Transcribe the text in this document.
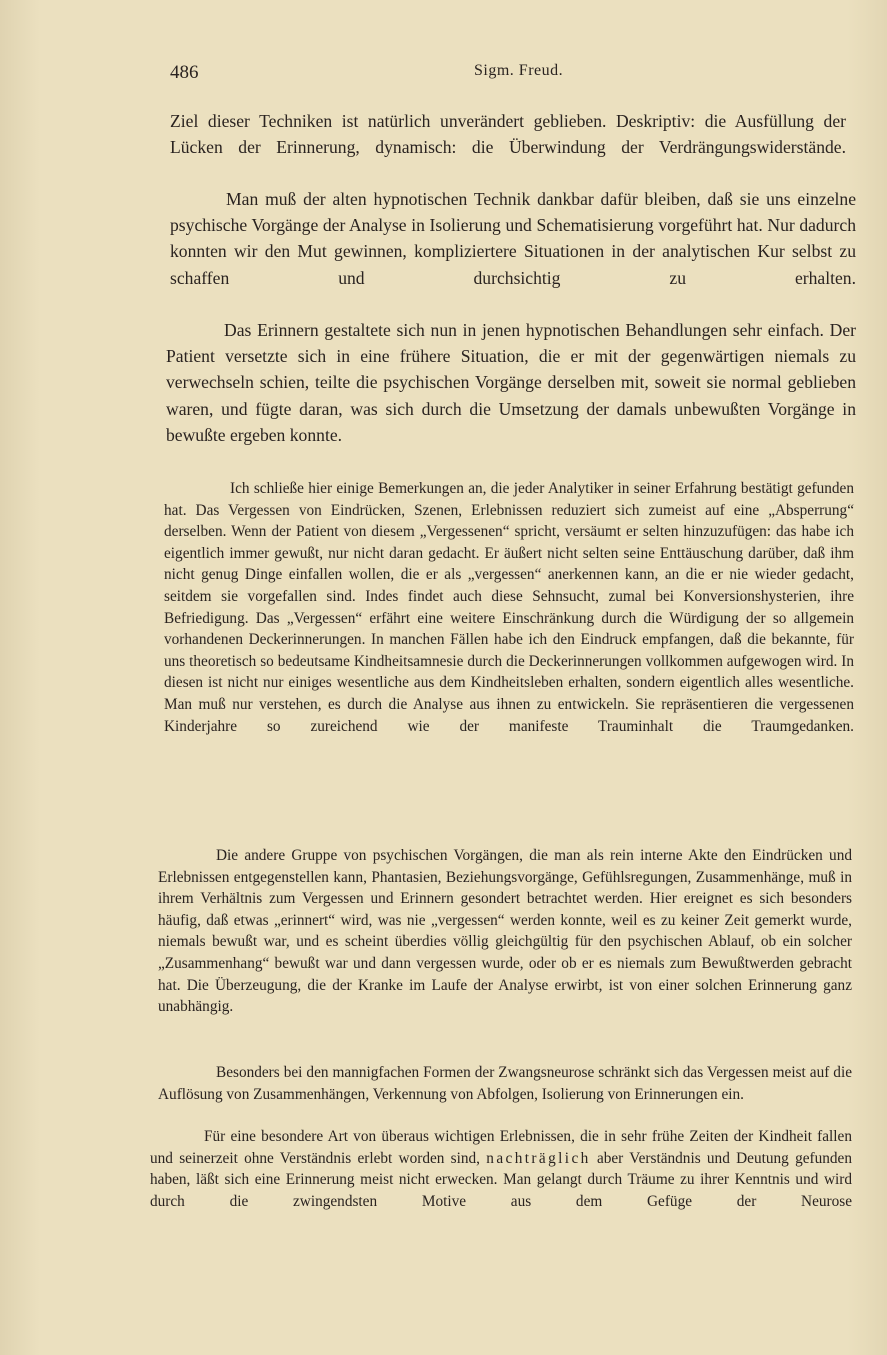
486	Sigm. Freud.

Ziel dieser Techniken ist natürlich unverändert geblieben. Deskriptiv: die Ausfüllung der Lücken der Erinnerung, dynamisch: die Überwindung der Verdrängungswiderstände.

Man muß der alten hypnotischen Technik dankbar dafür bleiben, daß sie uns einzelne psychische Vorgänge der Analyse in Isolierung und Schematisierung vorgeführt hat. Nur dadurch konnten wir den Mut gewinnen, kompliziertere Situationen in der analytischen Kur selbst zu schaffen und durchsichtig zu erhalten.

Das Erinnern gestaltete sich nun in jenen hypnotischen Behandlungen sehr einfach. Der Patient versetzte sich in eine frühere Situation, die er mit der gegenwärtigen niemals zu verwechseln schien, teilte die psychischen Vorgänge derselben mit, soweit sie normal geblieben waren, und fügte daran, was sich durch die Umsetzung der damals unbewußten Vorgänge in bewußte ergeben konnte.

Ich schließe hier einige Bemerkungen an, die jeder Analytiker in seiner Erfahrung bestätigt gefunden hat. Das Vergessen von Eindrücken, Szenen, Erlebnissen reduziert sich zumeist auf eine „Absperrung“ derselben. Wenn der Patient von diesem „Vergessenen“ spricht, versäumt er selten hinzuzufügen: das habe ich eigentlich immer gewußt, nur nicht daran gedacht. Er äußert nicht selten seine Enttäuschung darüber, daß ihm nicht genug Dinge einfallen wollen, die er als „vergessen“ anerkennen kann, an die er nie wieder gedacht, seitdem sie vorgefallen sind. Indes findet auch diese Sehnsucht, zumal bei Konversionshysterien, ihre Befriedigung. Das „Vergessen“ erfährt eine weitere Einschränkung durch die Würdigung der so allgemein vorhandenen Deckerinnerungen. In manchen Fällen habe ich den Eindruck empfangen, daß die bekannte, für uns theoretisch so bedeutsame Kindheitsamnesie durch die Deckerinnerungen vollkommen aufgewogen wird. In diesen ist nicht nur einiges wesentliche aus dem Kindheitsleben erhalten, sondern eigentlich alles wesentliche. Man muß nur verstehen, es durch die Analyse aus ihnen zu entwickeln. Sie repräsentieren die vergessenen Kinderjahre so zureichend wie der manifeste Trauminhalt die Traumgedanken.

Die andere Gruppe von psychischen Vorgängen, die man als rein interne Akte den Eindrücken und Erlebnissen entgegenstellen kann, Phantasien, Beziehungsvorgänge, Gefühlsregungen, Zusammenhänge, muß in ihrem Verhältnis zum Vergessen und Erinnern gesondert betrachtet werden. Hier ereignet es sich besonders häufig, daß etwas „erinnert“ wird, was nie „vergessen“ werden konnte, weil es zu keiner Zeit gemerkt wurde, niemals bewußt war, und es scheint überdies völlig gleichgültig für den psychischen Ablauf, ob ein solcher „Zusammenhang“ bewußt war und dann vergessen wurde, oder ob er es niemals zum Bewußtwerden gebracht hat. Die Überzeugung, die der Kranke im Laufe der Analyse erwirbt, ist von einer solchen Erinnerung ganz unabhängig.

Besonders bei den mannigfachen Formen der Zwangsneurose schränkt sich das Vergessen meist auf die Auflösung von Zusammenhängen, Verkennung von Abfolgen, Isolierung von Erinnerungen ein.

Für eine besondere Art von überaus wichtigen Erlebnissen, die in sehr frühe Zeiten der Kindheit fallen und seinerzeit ohne Verständnis erlebt worden sind, nachträglich aber Verständnis und Deutung gefunden haben, läßt sich eine Erinnerung meist nicht erwecken. Man gelangt durch Träume zu ihrer Kenntnis und wird durch die zwingendsten Motive aus dem Gefüge der Neurose
